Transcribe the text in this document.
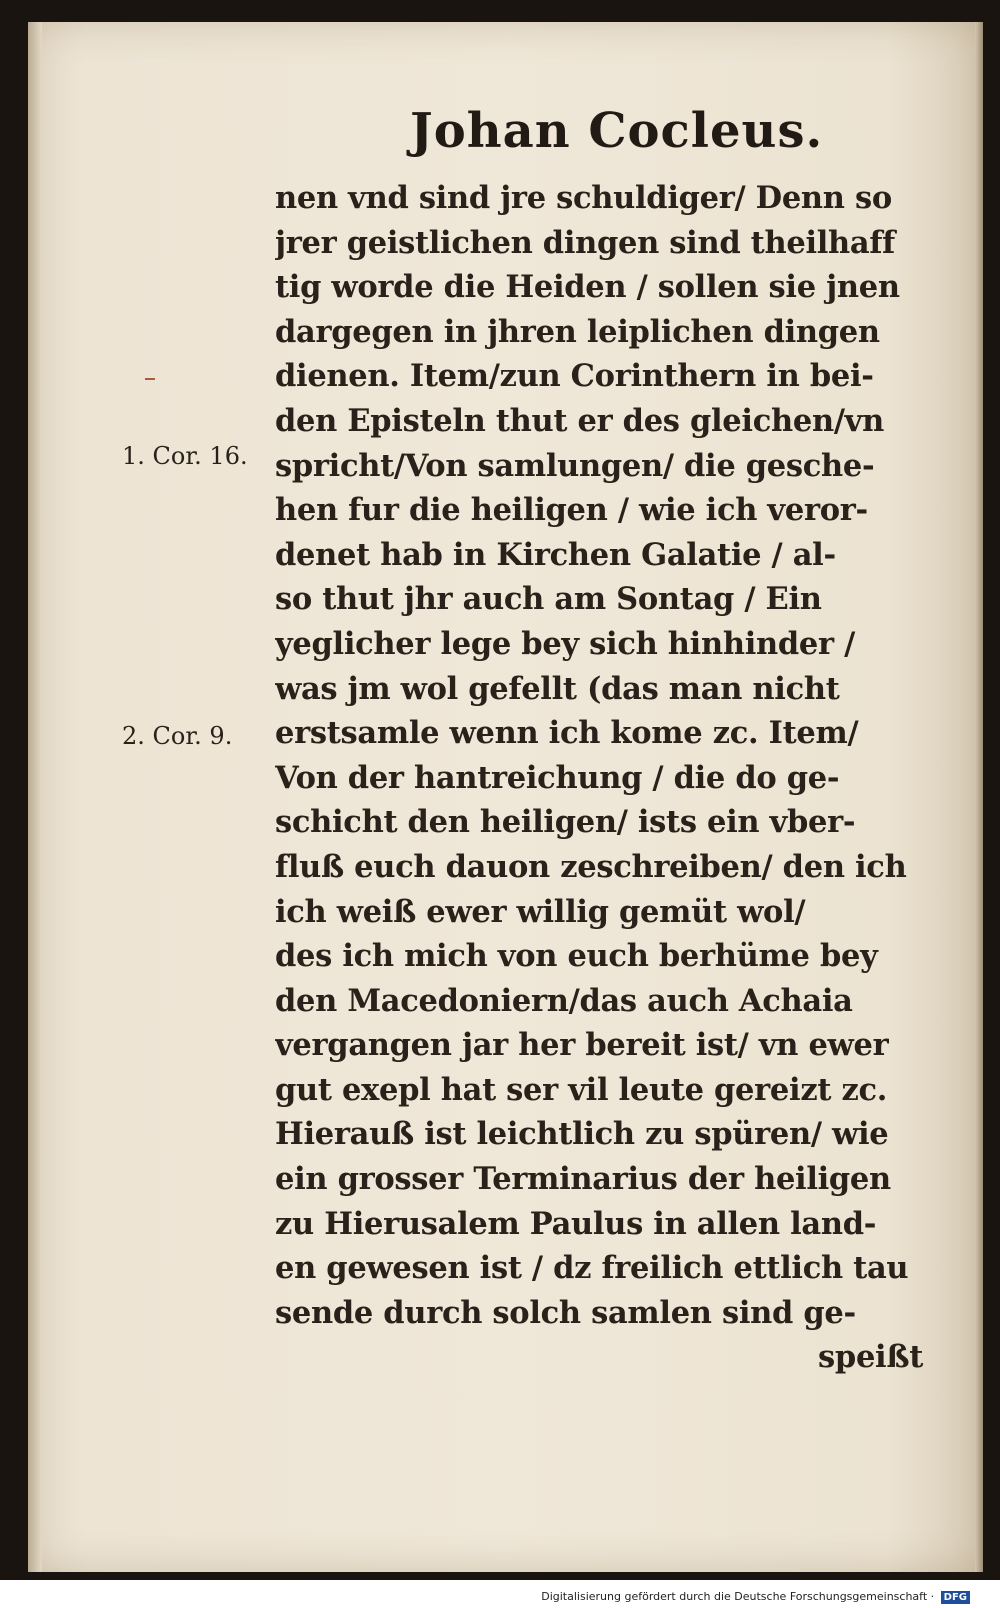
Johan Cocleus.
1. Cor. 16.
2. Cor. 9.
nen vnd sind jre schuldiger/ Denn so
jrer geistlichen dingen sind theilhaff
tig worde die Heiden / sollen sie jnen
dargegen in jhren leiplichen dingen
dienen. Item/zun Corinthern in bei-
den Episteln thut er des gleichen/vn
spricht/Von samlungen/ die gesche-
hen fur die heiligen / wie ich veror-
denet hab in Kirchen Galatie / al-
so thut jhr auch am Sontag / Ein
yeglicher lege bey sich hinhinder /
was jm wol gefellt (das man nicht
erstsamle wenn ich kome zc. Item/
Von der hantreichung / die do ge-
schicht den heiligen/ ists ein vber-
fluß euch dauon zeschreiben/ den ich
ich weiß ewer willig gemüt wol/
des ich mich von euch berhüme bey
den Macedoniern/das auch Achaia
vergangen jar her bereit ist/ vn ewer
gut exepl hat ser vil leute gereizt zc.
Hierauß ist leichtlich zu spüren/ wie
ein grosser Terminarius der heiligen
zu Hierusalem Paulus in allen land-
en gewesen ist / dz freilich ettlich tau
sende durch solch samlen sind ge-
speißt
Digitalisierung gefördert durch die Deutsche Forschungsgemeinschaft · DFG
